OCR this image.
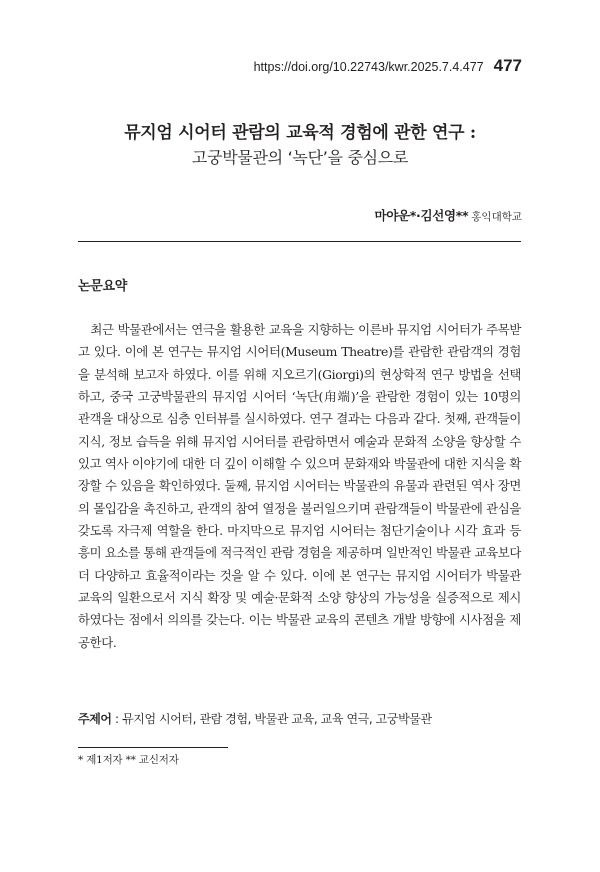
https://doi.org/10.22743/kwr.2025.7.4.477 477
뮤지엄 시어터 관람의 교육적 경험에 관한 연구 :
고궁박물관의 ‘녹단’을 중심으로
마야운*·김선영** 홍익대학교
논문요약

최근 박물관에서는 연극을 활용한 교육을 지향하는 이른바 뮤지엄 시어터가 주목받고 있다. 이에 본 연구는 뮤지엄 시어터(Museum Theatre)를 관람한 관람객의 경험을 분석해 보고자 하였다. 이를 위해 지오르기(Giorgi)의 현상학적 연구 방법을 선택하고, 중국 고궁박물관의 뮤지엄 시어터 ‘녹단(甪端)’을 관람한 경험이 있는 10명의 관객을 대상으로 심층 인터뷰를 실시하였다. 연구 결과는 다음과 같다. 첫째, 관객들이 지식, 정보 습득을 위해 뮤지엄 시어터를 관람하면서 예술과 문화적 소양을 향상할 수 있고 역사 이야기에 대한 더 깊이 이해할 수 있으며 문화재와 박물관에 대한 지식을 확장할 수 있음을 확인하였다. 둘째, 뮤지엄 시어터는 박물관의 유물과 관련된 역사 장면의 몰입감을 촉진하고, 관객의 참여 열정을 불러일으키며 관람객들이 박물관에 관심을 갖도록 자극제 역할을 한다. 마지막으로 뮤지엄 시어터는 첨단기술이나 시각 효과 등 흥미 요소를 통해 관객들에 적극적인 관람 경험을 제공하며 일반적인 박물관 교육보다 더 다양하고 효율적이라는 것을 알 수 있다. 이에 본 연구는 뮤지엄 시어터가 박물관 교육의 일환으로서 지식 확장 및 예술·문화적 소양 향상의 가능성을 실증적으로 제시하였다는 점에서 의의를 갖는다. 이는 박물관 교육의 콘텐츠 개발 방향에 시사점을 제공한다.

주제어 : 뮤지엄 시어터, 관람 경험, 박물관 교육, 교육 연극, 고궁박물관
* 제1저자 ** 교신저자
